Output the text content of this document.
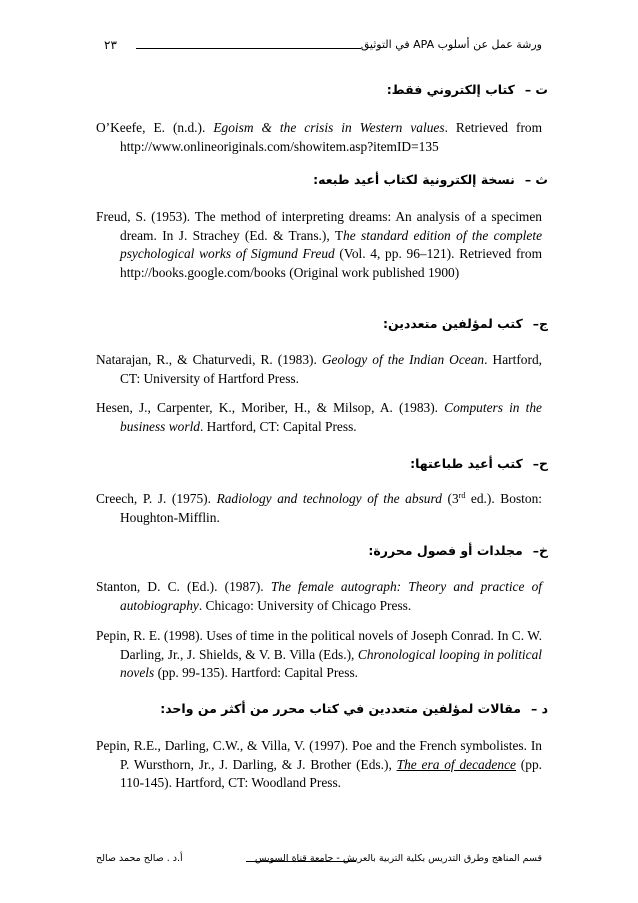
٢٣	ورشة عمل عن أسلوب APA في التوثيق
ت –كتاب إلكتروني فقط:
O’Keefe, E. (n.d.). Egoism & the crisis in Western values. Retrieved from http://www.onlineoriginals.com/showitem.asp?itemID=135
ث –نسخة إلكترونية لكتاب أعيد طبعه:
Freud, S. (1953). The method of interpreting dreams: An analysis of a specimen dream. In J. Strachey (Ed. & Trans.), The standard edition of the complete psychological works of Sigmund Freud (Vol. 4, pp. 96–121). Retrieved from http://books.google.com/books (Original work published 1900)
ج–كتب لمؤلفين متعددين:
Natarajan, R., & Chaturvedi, R. (1983). Geology of the Indian Ocean. Hartford, CT: University of Hartford Press.
Hesen, J., Carpenter, K., Moriber, H., & Milsop, A. (1983). Computers in the business world. Hartford, CT: Capital Press.
ح–كتب أعيد طباعتها:
Creech, P. J. (1975). Radiology and technology of the absurd (3rd ed.). Boston: Houghton-Mifflin.
خ–مجلدات أو فصول محررة:
Stanton, D. C. (Ed.). (1987). The female autograph: Theory and practice of autobiography. Chicago: University of Chicago Press.
Pepin, R. E. (1998). Uses of time in the political novels of Joseph Conrad. In C. W. Darling, Jr., J. Shields, & V. B. Villa (Eds.), Chronological looping in political novels (pp. 99-135). Hartford: Capital Press.
د –مقالات لمؤلفين متعددين في كتاب محرر من أكثر من واحد:
Pepin, R.E., Darling, C.W., & Villa, V. (1997). Poe and the French symbolistes. In P. Wursthorn, Jr., J. Darling, & J. Brother (Eds.), The era of decadence (pp. 110-145). Hartford, CT: Woodland Press.
أ.د . صالح محمد صالح	قسم المناهج وطرق التدريس بكلية التربية بالعريش - جامعة قناة السويس
